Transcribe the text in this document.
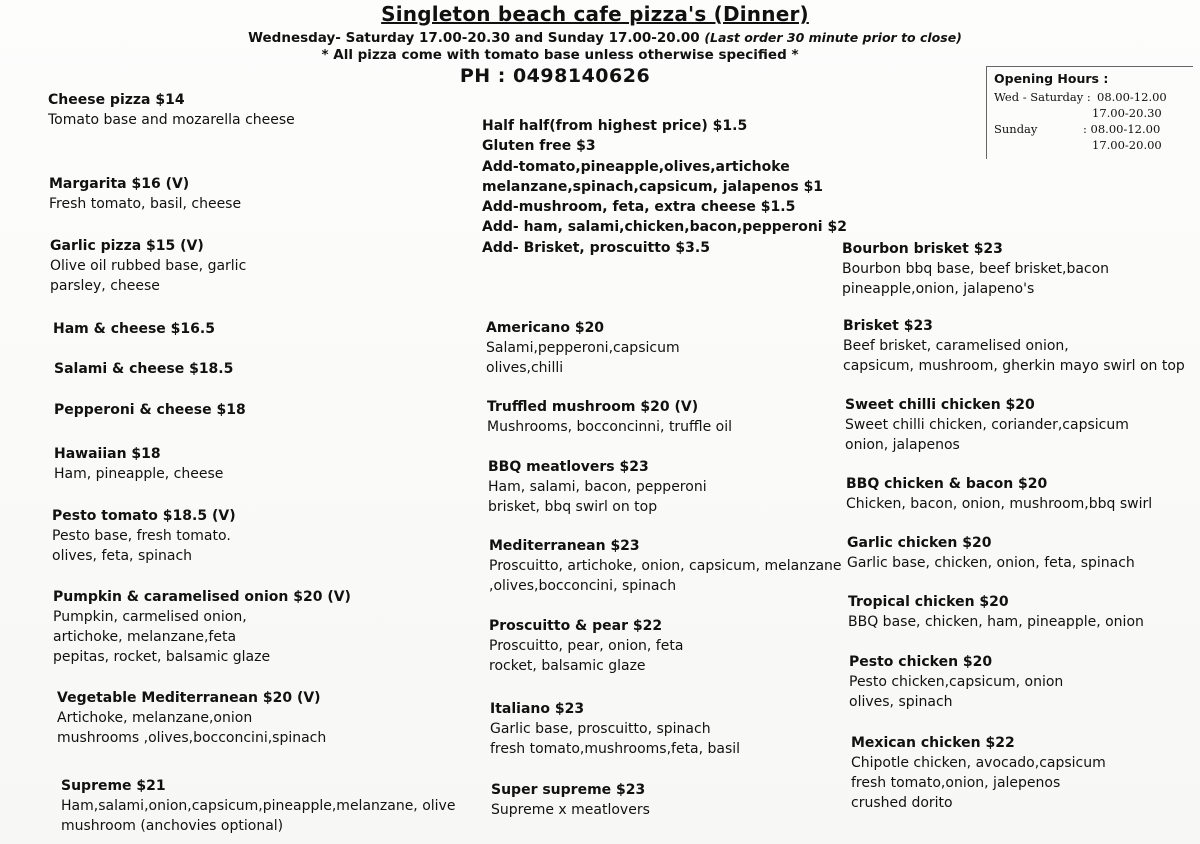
Singleton beach cafe pizza's (Dinner)
Wednesday- Saturday 17.00-20.30 and Sunday 17.00-20.00 (Last order 30 minute prior to close)
* All pizza come with tomato base unless otherwise specified *
PH : 0498140626	Opening Hours :
Wed - Saturday : 08.00-12.00
17.00-20.30
Sunday	: 08.00-12.00
17.00-20.00
Cheese pizza $14
Tomato base and mozarella cheese
Margarita $16 (V)
Fresh tomato, basil, cheese
Garlic pizza $15 (V)
Olive oil rubbed base, garlic
parsley, cheese
Ham & cheese $16.5
Salami & cheese $18.5
Pepperoni & cheese $18
Hawaiian $18
Ham, pineapple, cheese
Pesto tomato $18.5 (V)
Pesto base, fresh tomato.
olives, feta, spinach
Pumpkin & caramelised onion $20 (V)
Pumpkin, carmelised onion,
artichoke, melanzane,feta
pepitas, rocket, balsamic glaze
Vegetable Mediterranean $20 (V)
Artichoke, melanzane,onion
mushrooms ,olives,bocconcini,spinach
Supreme $21
Ham,salami,onion,capsicum,pineapple,melanzane, olive
mushroom (anchovies optional)
Half half(from highest price) $1.5
Gluten free $3
Add-tomato,pineapple,olives,artichoke
melanzane,spinach,capsicum, jalapenos $1
Add-mushroom, feta, extra cheese $1.5
Add- ham, salami,chicken,bacon,pepperoni $2
Add- Brisket, proscuitto $3.5
Americano $20
Salami,pepperoni,capsicum
olives,chilli
Truffled mushroom $20 (V)
Mushrooms, bocconcinni, truffle oil
BBQ meatlovers $23
Ham, salami, bacon, pepperoni
brisket, bbq swirl on top
Mediterranean $23
Proscuitto, artichoke, onion, capsicum, melanzane
,olives,bocconcini, spinach
Proscuitto & pear $22
Proscuitto, pear, onion, feta
rocket, balsamic glaze
Italiano $23
Garlic base, proscuitto, spinach
fresh tomato,mushrooms,feta, basil
Super supreme $23
Supreme x meatlovers
Bourbon brisket $23
Bourbon bbq base, beef brisket,bacon
pineapple,onion, jalapeno's
Brisket $23
Beef brisket, caramelised onion,
capsicum, mushroom, gherkin mayo swirl on top
Sweet chilli chicken $20
Sweet chilli chicken, coriander,capsicum
onion, jalapenos
BBQ chicken & bacon $20
Chicken, bacon, onion, mushroom,bbq swirl
Garlic chicken $20
Garlic base, chicken, onion, feta, spinach
Tropical chicken $20
BBQ base, chicken, ham, pineapple, onion
Pesto chicken $20
Pesto chicken,capsicum, onion
olives, spinach
Mexican chicken $22
Chipotle chicken, avocado,capsicum
fresh tomato,onion, jalepenos
crushed dorito
